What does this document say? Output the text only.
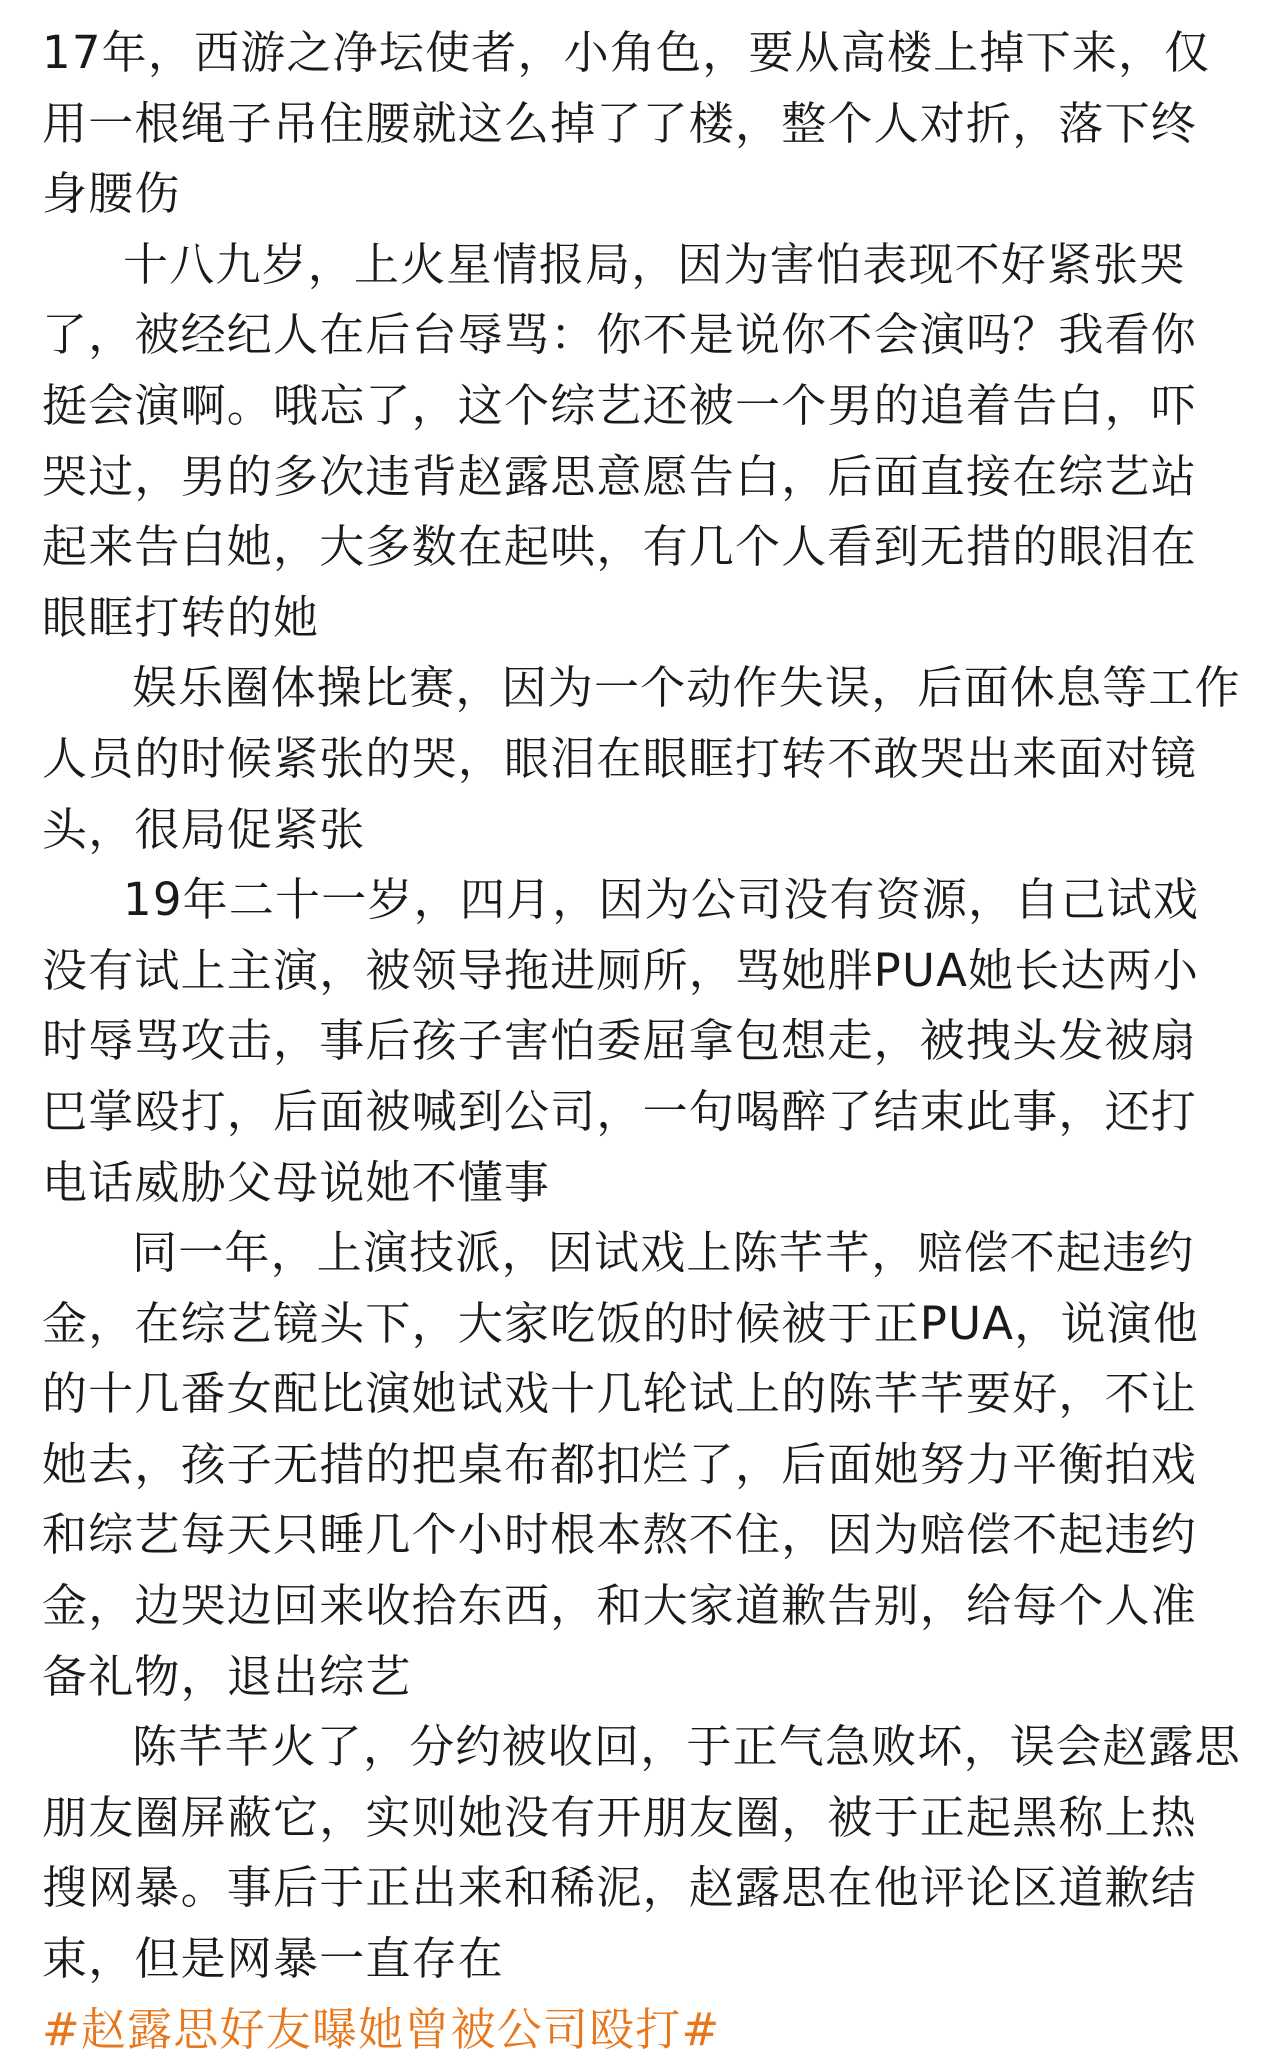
17年，西游之净坛使者，小角色，要从高楼上掉下来，仅用一根绳子吊住腰就这么掉了了楼，整个人对折，落下终身腰伤

十八九岁，上火星情报局，因为害怕表现不好紧张哭了，被经纪人在后台辱骂：你不是说你不会演吗？我看你挺会演啊。哦忘了，这个综艺还被一个男的追着告白，吓哭过，男的多次违背赵露思意愿告白，后面直接在综艺站起来告白她，大多数在起哄，有几个人看到无措的眼泪在眼眶打转的她

娱乐圈体操比赛，因为一个动作失误，后面休息等工作人员的时候紧张的哭，眼泪在眼眶打转不敢哭出来面对镜头，很局促紧张

19年二十一岁，四月，因为公司没有资源，自己试戏没有试上主演，被领导拖进厕所，骂她胖PUA她长达两小时辱骂攻击，事后孩子害怕委屈拿包想走，被拽头发被扇巴掌殴打，后面被喊到公司，一句喝醉了结束此事，还打电话威胁父母说她不懂事

同一年，上演技派，因试戏上陈芊芊，赔偿不起违约金，在综艺镜头下，大家吃饭的时候被于正PUA，说演他的十几番女配比演她试戏十几轮试上的陈芊芊要好，不让她去，孩子无措的把桌布都扣烂了，后面她努力平衡拍戏和综艺每天只睡几个小时根本熬不住，因为赔偿不起违约金，边哭边回来收拾东西，和大家道歉告别，给每个人准备礼物，退出综艺

陈芊芊火了，分约被收回，于正气急败坏，误会赵露思朋友圈屏蔽它，实则她没有开朋友圈，被于正起黑称上热搜网暴。事后于正出来和稀泥，赵露思在他评论区道歉结束，但是网暴一直存在

#赵露思好友曝她曾被公司殴打#
